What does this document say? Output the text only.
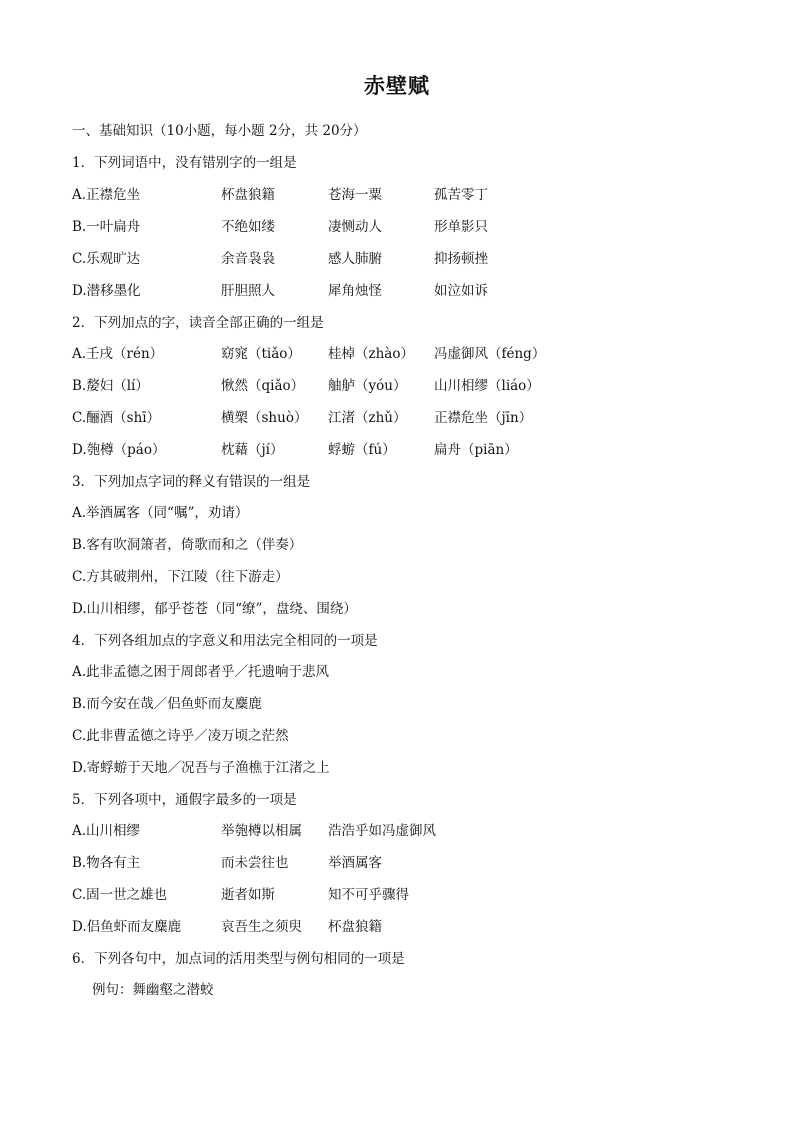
赤壁赋
一、基础知识（10小题，每小题 2分，共 20分）
1．下列词语中，没有错别字的一组是
A.正襟危坐	杯盘狼籍	苍海一粟	孤苦零丁
B.一叶扁舟	不绝如缕	凄恻动人	形单影只
C.乐观旷达	余音袅袅	感人肺腑	抑扬顿挫
D.潜移墨化	肝胆照人	犀角烛怪	如泣如诉
2．下列加点的字，读音全部正确的一组是
A.壬戌（rén）	窈窕（tiǎo） 桂棹（zhào） 冯虚御风（féng）
B.嫠妇（lí）	愀然（qiǎo） 舳舻（yóu） 山川相缪（liáo）
C.酾酒（shī）	横槊（shuò） 江渚（zhǔ） 正襟危坐（jīn）
D.匏樽（páo）	枕藉（jí）	蜉蝣（fú）	扁舟（piān）
3．下列加点字词的释义有错误的一组是
A.举酒属客（同“嘱”，劝请）
B.客有吹洞箫者，倚歌而和之（伴奏）
C.方其破荆州，下江陵（往下游走）
D.山川相缪，郁乎苍苍（同“缭”，盘绕、围绕）
4．下列各组加点的字意义和用法完全相同的一项是
A.此非孟德之困于周郎者乎／托遗响于悲风
B.而今安在哉／侣鱼虾而友麋鹿
C.此非曹孟德之诗乎／凌万顷之茫然
D.寄蜉蝣于天地／况吾与子渔樵于江渚之上
5．下列各项中，通假字最多的一项是
A.山川相缪	举匏樽以相属 浩浩乎如冯虚御风
B.物各有主	而未尝往也	举酒属客
C.固一世之雄也	逝者如斯	知不可乎骤得
D.侣鱼虾而友麋鹿	哀吾生之须臾 杯盘狼籍
6．下列各句中，加点词的活用类型与例句相同的一项是
例句：舞幽壑之潜蛟
